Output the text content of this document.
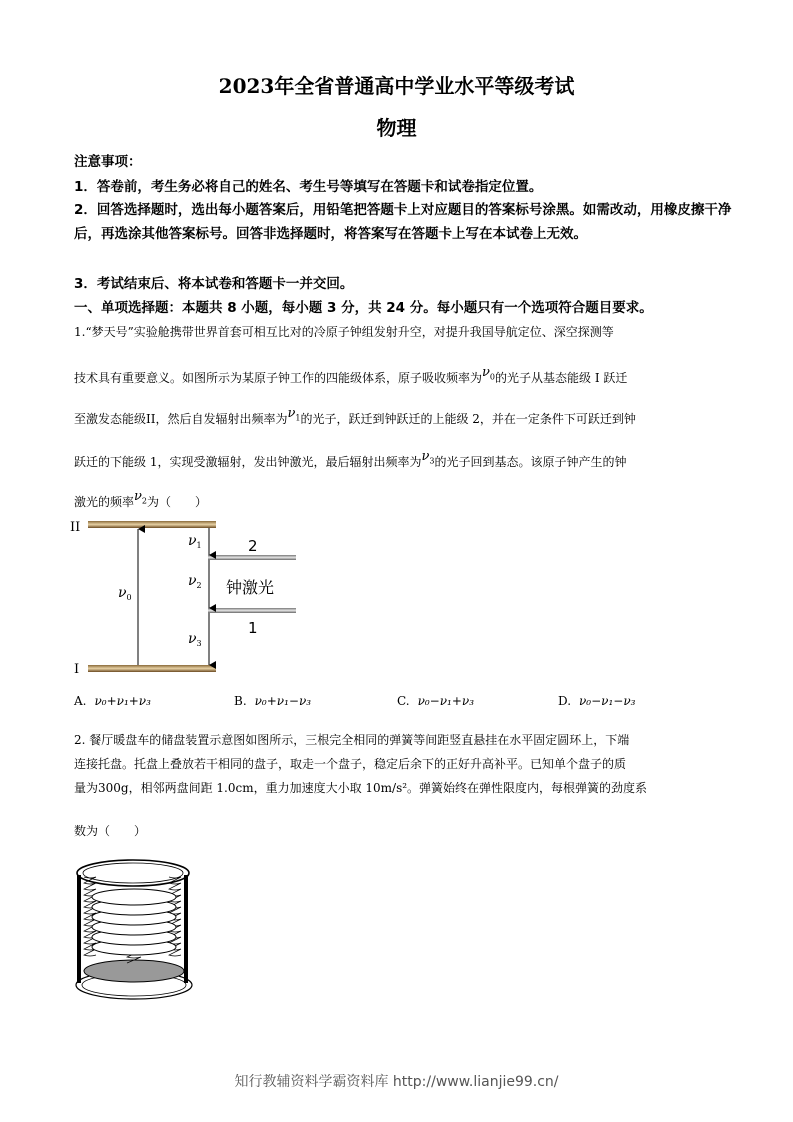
2023年全省普通高中学业水平等级考试
物理
注意事项：
1．答卷前，考生务必将自己的姓名、考生号等填写在答题卡和试卷指定位置。
2．回答选择题时，选出每小题答案后，用铅笔把答题卡上对应题目的答案标号涂黑。如需改动，用橡皮擦干净后，再选涂其他答案标号。回答非选择题时，将答案写在答题卡上写在本试卷上无效。
3．考试结束后、将本试卷和答题卡一并交回。
一、单项选择题：本题共 8 小题，每小题 3 分，共 24 分。每小题只有一个选项符合题目要求。
1.“梦天号”实验舱携带世界首套可相互比对的冷原子钟组发射升空，对提升我国导航定位、深空探测等
技术具有重要意义。如图所示为某原子钟工作的四能级体系，原子吸收频率为$\nu_0$的光子从基态能级 I 跃迁
至激发态能级II，然后自发辐射出频率为$\nu_1$的光子，跃迁到钟跃迁的上能级 2，并在一定条件下可跃迁到钟
跃迁的下能级 1，实现受激辐射，发出钟激光，最后辐射出频率为$\nu_3$的光子回到基态。该原子钟产生的钟
激光的频率$\nu_2$为（　　）
II
I
2
1
钟激光
$\nu_0$
$\nu_1$
$\nu_2$
$\nu_3$
A. ν₀+ν₁+ν₃	B. ν₀+ν₁−ν₃	C. ν₀−ν₁+ν₃	D. ν₀−ν₁−ν₃
2. 餐厅暖盘车的储盘装置示意图如图所示，三根完全相同的弹簧等间距竖直悬挂在水平固定圆环上，下端
连接托盘。托盘上叠放若干相同的盘子，取走一个盘子，稳定后余下的正好升高补平。已知单个盘子的质
量为300g，相邻两盘间距 1.0cm，重力加速度大小取 10m/s²。弹簧始终在弹性限度内，每根弹簧的劲度系
数为（　　）
知行教辅资料学霸资料库 http://www.lianjie99.cn/
